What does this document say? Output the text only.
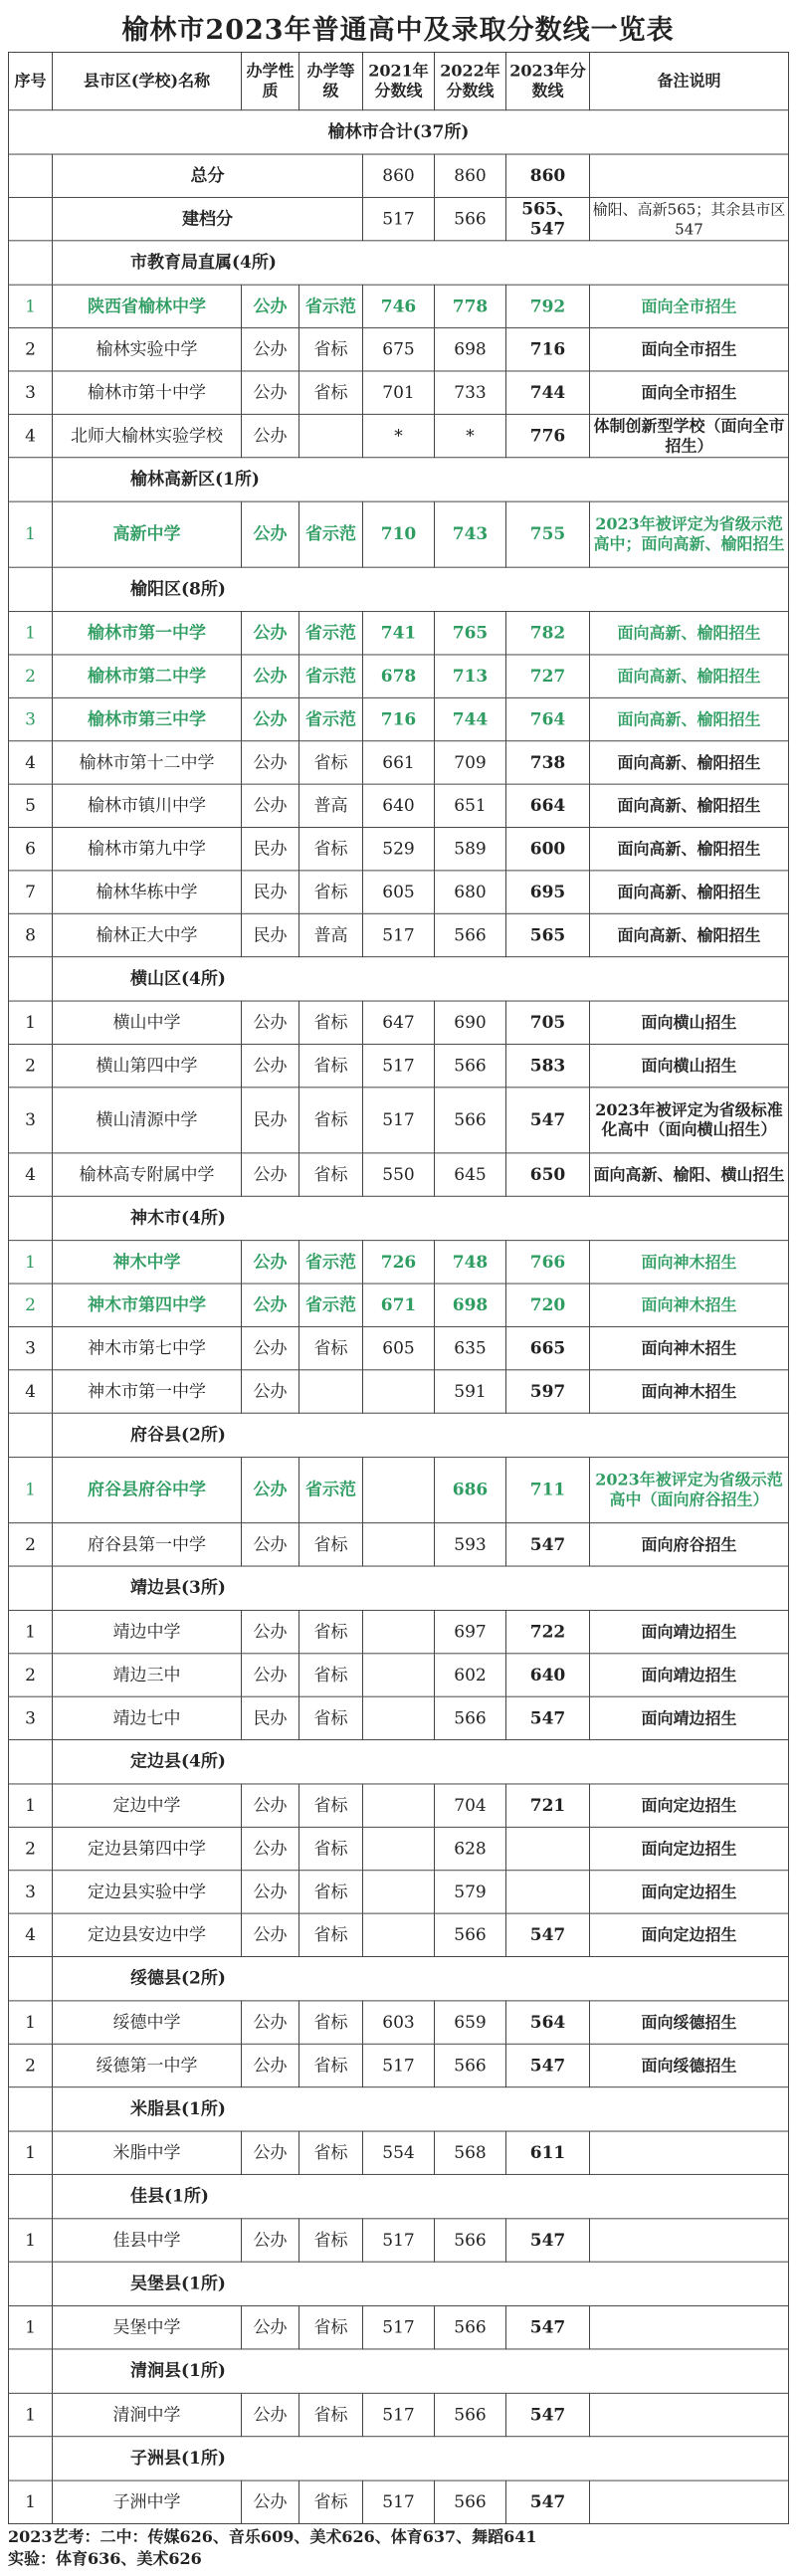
榆林市2023年普通高中及录取分数线一览表
序号	县市区(学校)名称	办学性质	办学等级	2021年分数线	2022年分数线	2023年分数线	备注说明
榆林市合计(37所)							
	总分			860	860	860	
	建档分			517	566	565、547	榆阳、高新565；其余县市区547
	市教育局直属(4所)						
1	陕西省榆林中学	公办	省示范	746	778	792	面向全市招生
2	榆林实验中学	公办	省标	675	698	716	面向全市招生
3	榆林市第十中学	公办	省标	701	733	744	面向全市招生
4	北师大榆林实验学校	公办		*	*	776	体制创新型学校（面向全市招生）
	榆林高新区(1所)						
1	高新中学	公办	省示范	710	743	755	2023年被评定为省级示范高中；面向高新、榆阳招生
	榆阳区(8所)						
1	榆林市第一中学	公办	省示范	741	765	782	面向高新、榆阳招生
2	榆林市第二中学	公办	省示范	678	713	727	面向高新、榆阳招生
3	榆林市第三中学	公办	省示范	716	744	764	面向高新、榆阳招生
4	榆林市第十二中学	公办	省标	661	709	738	面向高新、榆阳招生
5	榆林市镇川中学	公办	普高	640	651	664	面向高新、榆阳招生
6	榆林市第九中学	民办	省标	529	589	600	面向高新、榆阳招生
7	榆林华栋中学	民办	省标	605	680	695	面向高新、榆阳招生
8	榆林正大中学	民办	普高	517	566	565	面向高新、榆阳招生
	横山区(4所)						
1	横山中学	公办	省标	647	690	705	面向横山招生
2	横山第四中学	公办	省标	517	566	583	面向横山招生
3	横山清源中学	民办	省标	517	566	547	2023年被评定为省级标准化高中（面向横山招生）
4	榆林高专附属中学	公办	省标	550	645	650	面向高新、榆阳、横山招生
	神木市(4所)						
1	神木中学	公办	省示范	726	748	766	面向神木招生
2	神木市第四中学	公办	省示范	671	698	720	面向神木招生
3	神木市第七中学	公办	省标	605	635	665	面向神木招生
4	神木市第一中学	公办			591	597	面向神木招生
	府谷县(2所)						
1	府谷县府谷中学	公办	省示范		686	711	2023年被评定为省级示范高中（面向府谷招生）
2	府谷县第一中学	公办	省标		593	547	面向府谷招生
	靖边县(3所)						
1	靖边中学	公办	省标		697	722	面向靖边招生
2	靖边三中	公办	省标		602	640	面向靖边招生
3	靖边七中	民办	省标		566	547	面向靖边招生
	定边县(4所)						
1	定边中学	公办	省标		704	721	面向定边招生
2	定边县第四中学	公办	省标		628		面向定边招生
3	定边县实验中学	公办	省标		579		面向定边招生
4	定边县安边中学	公办	省标		566	547	面向定边招生
	绥德县(2所)						
1	绥德中学	公办	省标	603	659	564	面向绥德招生
2	绥德第一中学	公办	省标	517	566	547	面向绥德招生
	米脂县(1所)						
1	米脂中学	公办	省标	554	568	611	
	佳县(1所)						
1	佳县中学	公办	省标	517	566	547	
	吴堡县(1所)						
1	吴堡中学	公办	省标	517	566	547	
	清涧县(1所)						
1	清涧中学	公办	省标	517	566	547	
	子洲县(1所)						
1	子洲中学	公办	省标	517	566	547	
2023艺考：二中：传媒626、音乐609、美术626、体育637、舞蹈641
实验：体育636、美术626
